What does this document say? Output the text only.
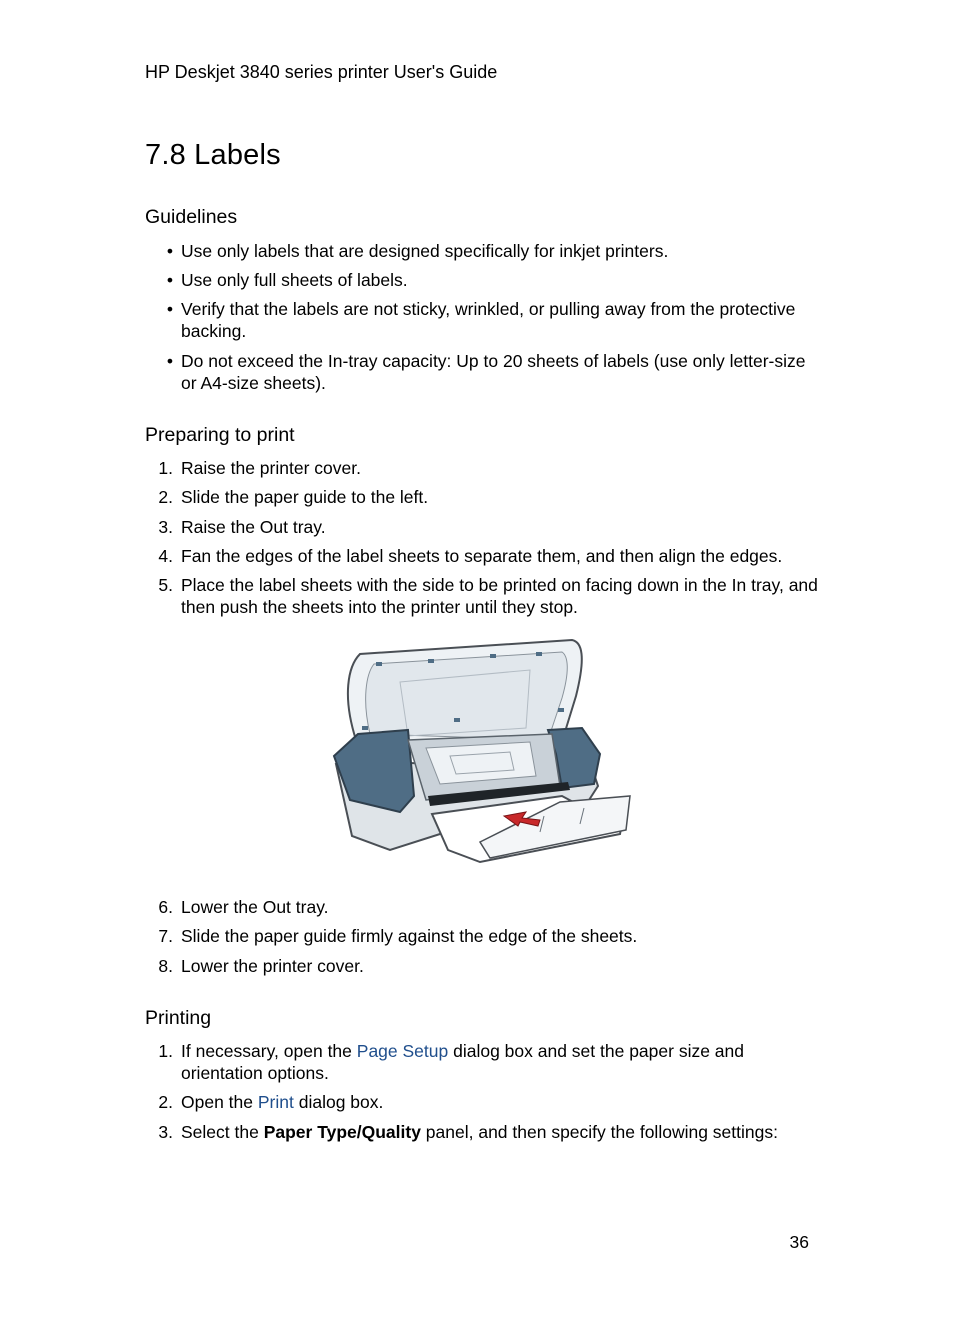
HP Deskjet 3840 series printer User's Guide
7.8 Labels
Guidelines
• Use only labels that are designed specifically for inkjet printers.
• Use only full sheets of labels.
• Verify that the labels are not sticky, wrinkled, or pulling away from the protective backing.
• Do not exceed the In-tray capacity: Up to 20 sheets of labels (use only letter-size or A4-size sheets).
Preparing to print
1. Raise the printer cover.
2. Slide the paper guide to the left.
3. Raise the Out tray.
4. Fan the edges of the label sheets to separate them, and then align the edges.
5. Place the label sheets with the side to be printed on facing down in the In tray, and then push the sheets into the printer until they stop.
6. Lower the Out tray.
7. Slide the paper guide firmly against the edge of the sheets.
8. Lower the printer cover.
Printing
1. If necessary, open the Page Setup dialog box and set the paper size and orientation options.
2. Open the Print dialog box.
3. Select the Paper Type/Quality panel, and then specify the following settings:
36
